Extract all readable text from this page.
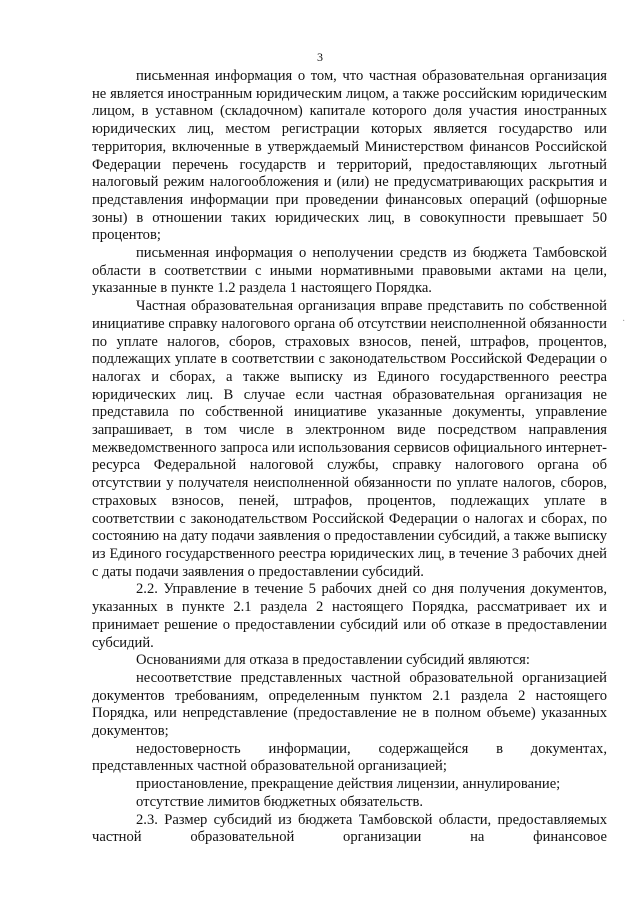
3
·

письменная информация о том, что частная образовательная организация не является иностранным юридическим лицом, а также российским юридическим лицом, в уставном (складочном) капитале которого доля участия иностранных юридических лиц, местом регистрации которых является государство или территория, включенные в утверждаемый Министерством финансов Российской Федерации перечень государств и территорий, предоставляющих льготный налоговый режим налогообложения и (или) не предусматривающих раскрытия и представления информации при проведении финансовых операций (офшорные зоны) в отношении таких юридических лиц, в совокупности превышает 50 процентов;

письменная информация о неполучении средств из бюджета Тамбовской области в соответствии с иными нормативными правовыми актами на цели, указанные в пункте 1.2 раздела 1 настоящего Порядка.

Частная образовательная организация вправе представить по собственной инициативе справку налогового органа об отсутствии неисполненной обязанности по уплате налогов, сборов, страховых взносов, пеней, штрафов, процентов, подлежащих уплате в соответствии с законодательством Российской Федерации о налогах и сборах, а также выписку из Единого государственного реестра юридических лиц. В случае если частная образовательная организация не представила по собственной инициативе указанные документы, управление запрашивает, в том числе в электронном виде посредством направления межведомственного запроса или использования сервисов официального интернет-ресурса Федеральной налоговой службы, справку налогового органа об отсутствии у получателя неисполненной обязанности по уплате налогов, сборов, страховых взносов, пеней, штрафов, процентов, подлежащих уплате в соответствии с законодательством Российской Федерации о налогах и сборах, по состоянию на дату подачи заявления о предоставлении субсидий, а также выписку из Единого государственного реестра юридических лиц, в течение 3 рабочих дней с даты подачи заявления о предоставлении субсидий.

2.2. Управление в течение 5 рабочих дней со дня получения документов, указанных в пункте 2.1 раздела 2 настоящего Порядка, рассматривает их и принимает решение о предоставлении субсидий или об отказе в предоставлении субсидий.

Основаниями для отказа в предоставлении субсидий являются:

несоответствие представленных частной образовательной организацией документов требованиям, определенным пунктом 2.1 раздела 2 настоящего Порядка, или непредставление (предоставление не в полном объеме) указанных документов;

недостоверность информации, содержащейся в документах, представленных частной образовательной организацией;

приостановление, прекращение действия лицензии, аннулирование;

отсутствие лимитов бюджетных обязательств.

2.3. Размер субсидий из бюджета Тамбовской области, предоставляемых частной образовательной организации на финансовое
